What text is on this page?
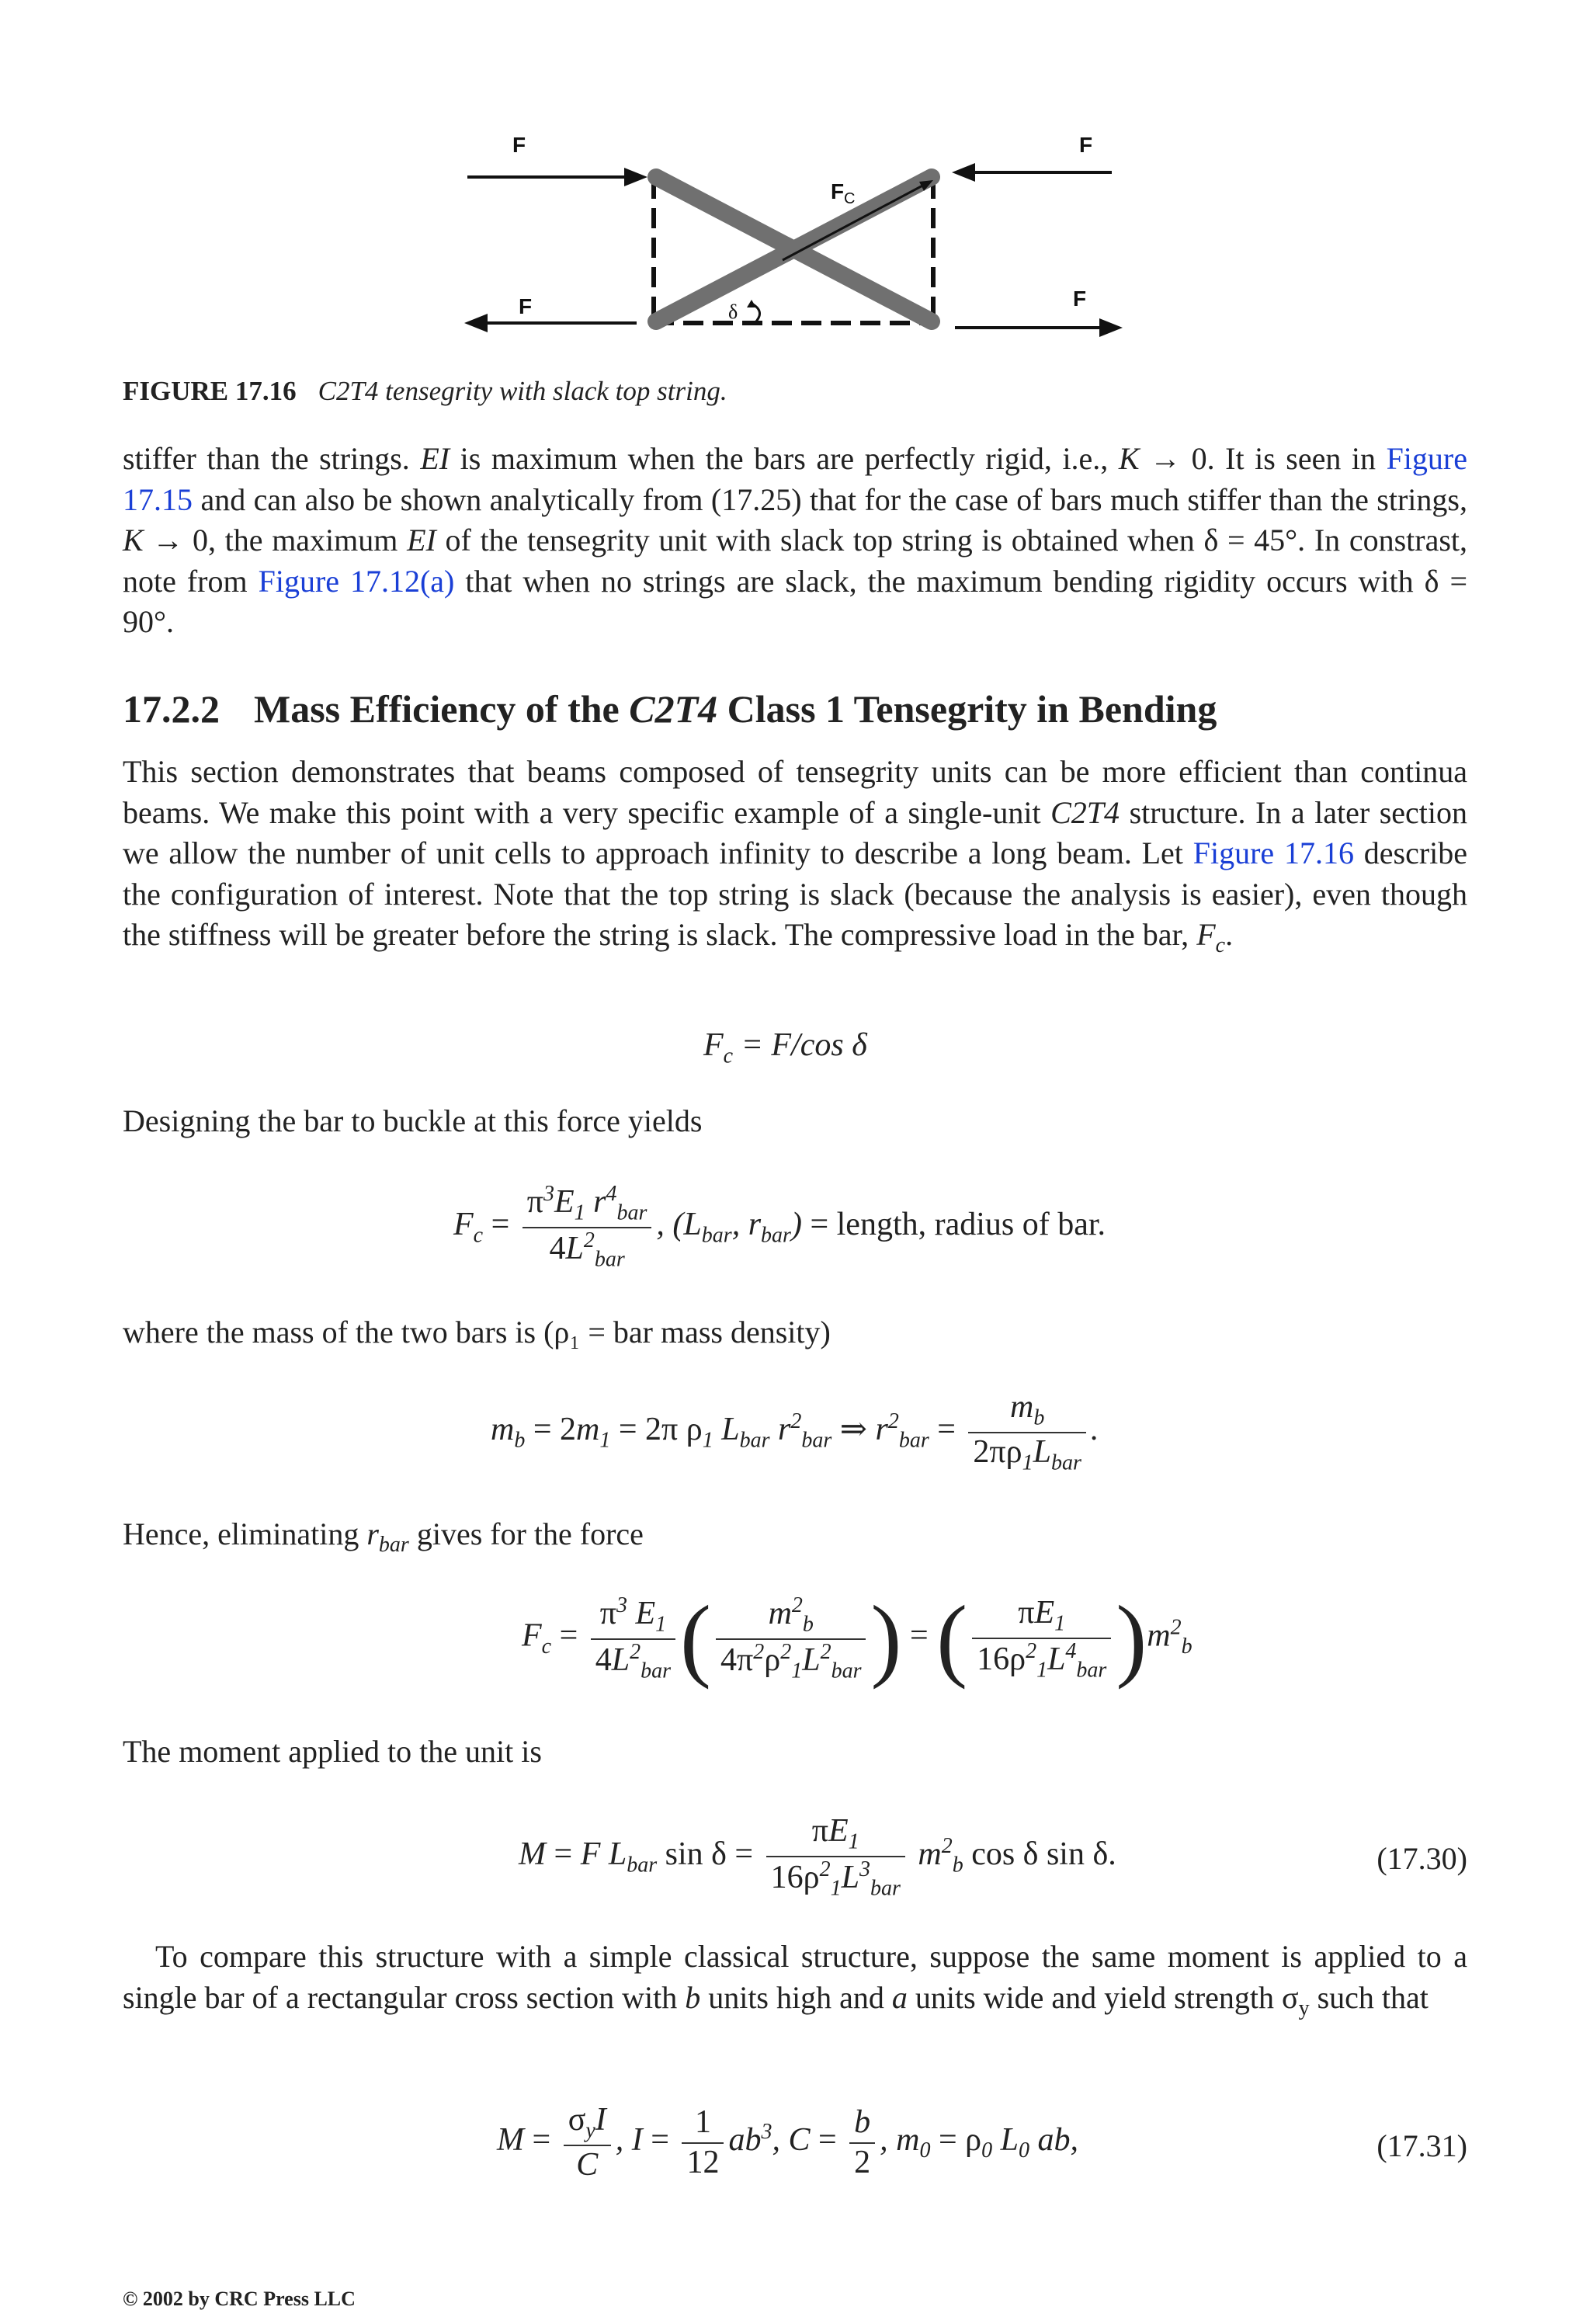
F	F
F	F
F C
δ
FIGURE 17.16 C2T4 tensegrity with slack top string.
stiffer than the strings. EI is maximum when the bars are perfectly rigid, i.e., K → 0. It is seen in Figure 17.15 and can also be shown analytically from (17.25) that for the case of bars much stiffer than the strings, K → 0, the maximum EI of the tensegrity unit with slack top string is obtained when δ = 45°. In constrast, note from Figure 17.12(a) that when no strings are slack, the maximum bending rigidity occurs with δ = 90°.
17.2.2 Mass Efficiency of the C2T4 Class 1 Tensegrity in Bending
This section demonstrates that beams composed of tensegrity units can be more efficient than continua beams. We make this point with a very specific example of a single-unit C2T4 structure. In a later section we allow the number of unit cells to approach infinity to describe a long beam. Let Figure 17.16 describe the configuration of interest. Note that the top string is slack (because the analysis is easier), even though the stiffness will be greater before the string is slack. The compressive load in the bar, $F_c$.
$F_c = F/\cos$ δ
Designing the bar to buckle at this force yields
$F_c = \frac{\pi^3E_1 r^4_{bar}}{4L^2_{bar}}$ , ($L_{bar}$, $r_{bar}$) = length, radius of bar.
where the mass of the two bars is (ρ₁ = bar mass density)
$m_b = 2m_1 = 2\pi$ $\rho_1$ $L_{bar}$ $r^2_{bar}$ ⇒ $r^2_{bar} = \frac{m_b}{2\pi\rho_1L_{bar}}$ .
Hence, eliminating $r_{bar}$ gives for the force
$F_c = \frac{\pi^3 E_1}{4L^2_{bar}}$ ( $\frac{m^2_b}{4\pi^2\rho^2_1L^2_{bar}}$ ) = ( $\frac{\pi E_1}{16\rho^2_1L^4_{bar}} )m^2_b$
The moment applied to the unit is
M = F $L_{bar}$ $\sin \delta = \frac{\pi E_1}{16\rho^2_1L^3_{bar}} m^2_b$ cos δ sin δ.	(17.30)
To compare this structure with a simple classical structure, suppose the same moment is applied to a single bar of a rectangular cross section with b units high and a units wide and yield strength $\sigma_y$ such that
$M = \frac{\sigma_yI}{C}$ , $I = \frac{1}{12} ab^3$, $C = \frac{b}{2}$ , $m_0 = \rho_0$ $L_0$ ab,	(17.31)
© 2002 by CRC Press LLC
